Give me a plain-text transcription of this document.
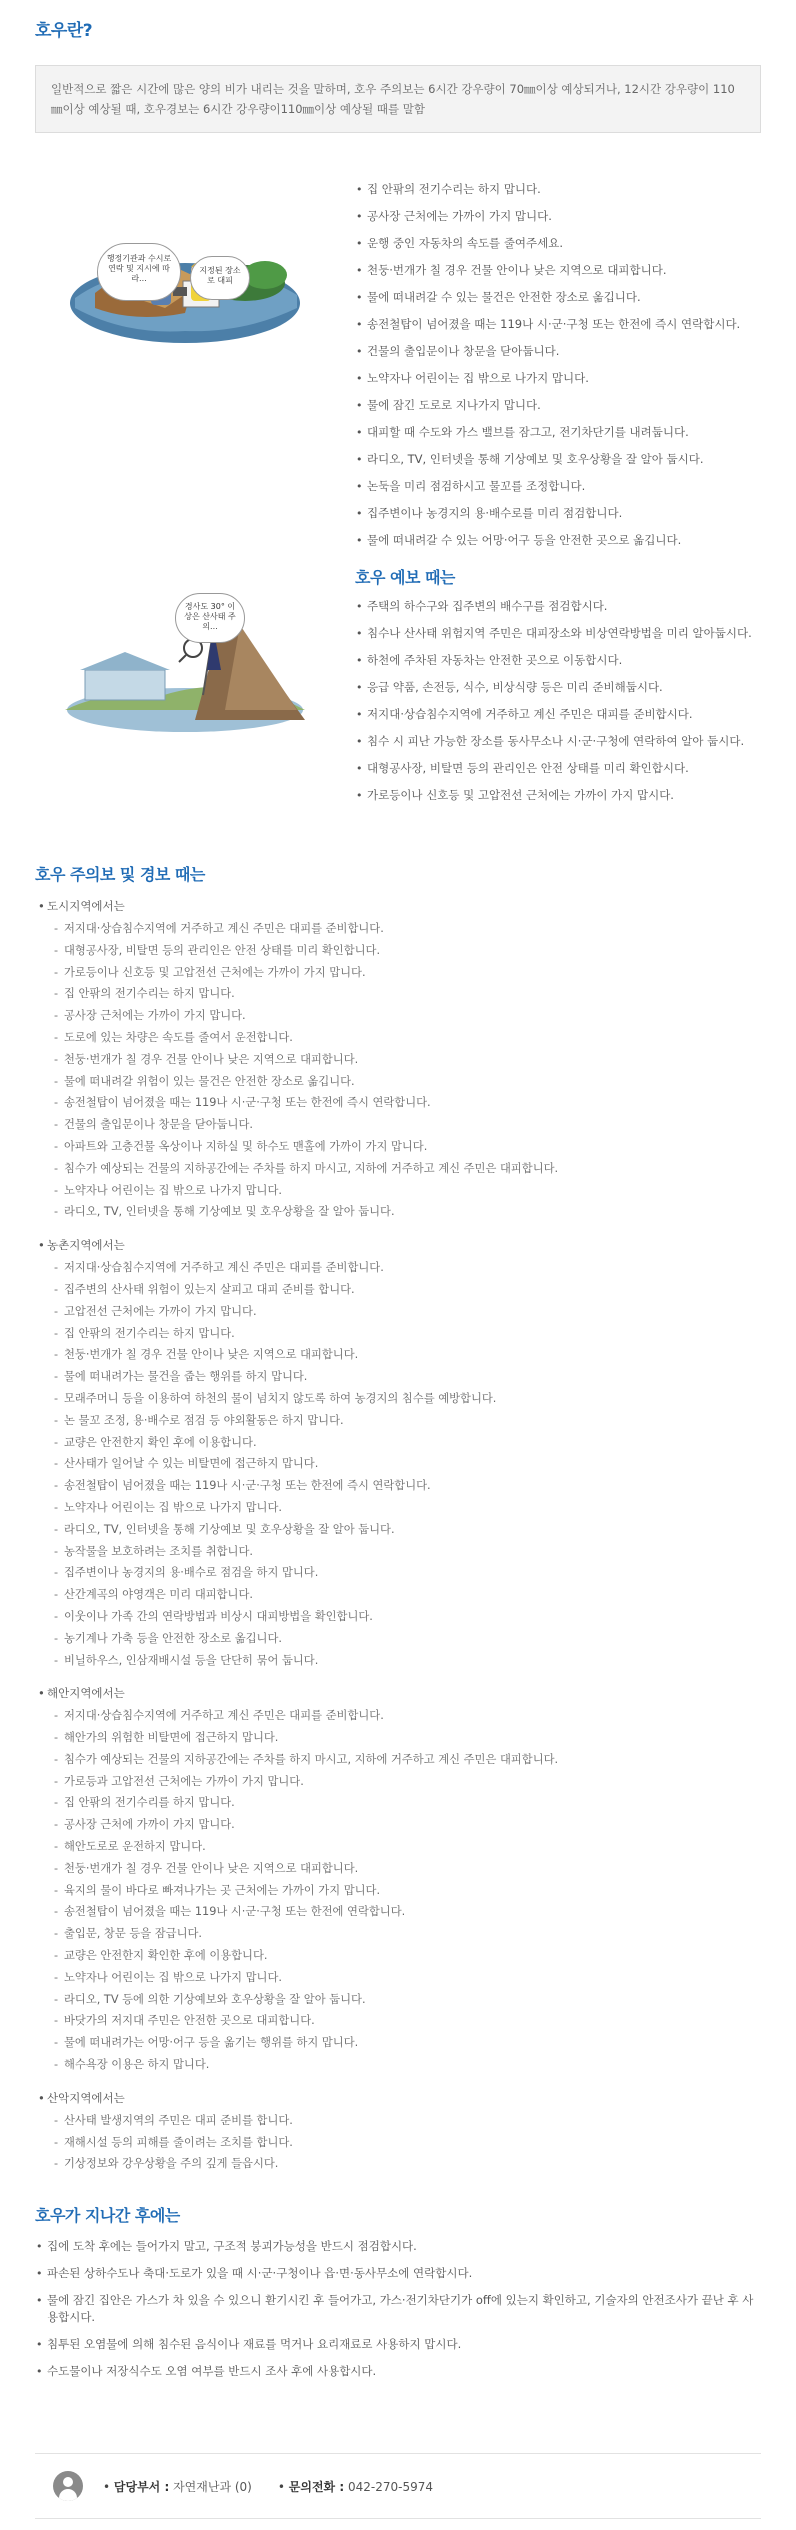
호우란?

일반적으로 짧은 시간에 많은 양의 비가 내리는 것을 말하며, 호우 주의보는 6시간 강우량이 70㎜이상 예상되거나, 12시간 강우량이 110㎜이상 예상될 때, 호우경보는 6시간 강우량이110㎜이상 예상될 때를 말함

행정기관과 수시로 연락 및 지시에 따라...
지정된 장소로 대피
• 집 안팎의 전기수리는 하지 맙니다.
• 공사장 근처에는 가까이 가지 맙니다.
• 운행 중인 자동차의 속도를 줄여주세요.
• 천둥·번개가 칠 경우 건물 안이나 낮은 지역으로 대피합니다.
• 물에 떠내려갈 수 있는 물건은 안전한 장소로 옮깁니다.
• 송전철탑이 넘어졌을 때는 119나 시·군·구청 또는 한전에 즉시 연락합시다.
• 건물의 출입문이나 창문을 닫아둡니다.
• 노약자나 어린이는 집 밖으로 나가지 맙니다.
• 물에 잠긴 도로로 지나가지 맙니다.
• 대피할 때 수도와 가스 밸브를 잠그고, 전기차단기를 내려둡니다.
• 라디오, TV, 인터넷을 통해 기상예보 및 호우상황을 잘 알아 둡시다.
• 논둑을 미리 점검하시고 물꼬를 조정합니다.
• 집주변이나 농경지의 용·배수로를 미리 점검합니다.
• 물에 떠내려갈 수 있는 어망·어구 등을 안전한 곳으로 옮깁니다.
경사도 30° 이상은 산사태 주의...
호우 예보 때는
• 주택의 하수구와 집주변의 배수구를 점검합시다.
• 침수나 산사태 위험지역 주민은 대피장소와 비상연락방법을 미리 알아둡시다.
• 하천에 주차된 자동차는 안전한 곳으로 이동합시다.
• 응급 약품, 손전등, 식수, 비상식량 등은 미리 준비해둡시다.
• 저지대·상습침수지역에 거주하고 계신 주민은 대피를 준비합시다.
• 침수 시 피난 가능한 장소를 동사무소나 시·군·구청에 연락하여 알아 둡시다.
• 대형공사장, 비탈면 등의 관리인은 안전 상태를 미리 확인합시다.
• 가로등이나 신호등 및 고압전선 근처에는 가까이 가지 맙시다.
호우 주의보 및 경보 때는
• 도시지역에서는
- 저지대·상습침수지역에 거주하고 계신 주민은 대피를 준비합니다.
- 대형공사장, 비탈면 등의 관리인은 안전 상태를 미리 확인합니다.
- 가로등이나 신호등 및 고압전선 근처에는 가까이 가지 맙니다.
- 집 안팎의 전기수리는 하지 맙니다.
- 공사장 근처에는 가까이 가지 맙니다.
- 도로에 있는 차량은 속도를 줄여서 운전합니다.
- 천둥·번개가 칠 경우 건물 안이나 낮은 지역으로 대피합니다.
- 물에 떠내려갈 위험이 있는 물건은 안전한 장소로 옮깁니다.
- 송전철탑이 넘어졌을 때는 119나 시·군·구청 또는 한전에 즉시 연락합니다.
- 건물의 출입문이나 창문을 닫아둡니다.
- 아파트와 고층건물 옥상이나 지하실 및 하수도 맨홀에 가까이 가지 맙니다.
- 침수가 예상되는 건물의 지하공간에는 주차를 하지 마시고, 지하에 거주하고 계신 주민은 대피합니다.
- 노약자나 어린이는 집 밖으로 나가지 맙니다.
- 라디오, TV, 인터넷을 통해 기상예보 및 호우상황을 잘 알아 둡니다.
• 농촌지역에서는
- 저지대·상습침수지역에 거주하고 계신 주민은 대피를 준비합니다.
- 집주변의 산사태 위험이 있는지 살피고 대피 준비를 합니다.
- 고압전선 근처에는 가까이 가지 맙니다.
- 집 안팎의 전기수리는 하지 맙니다.
- 천둥·번개가 칠 경우 건물 안이나 낮은 지역으로 대피합니다.
- 물에 떠내려가는 물건을 줍는 행위를 하지 맙니다.
- 모래주머니 등을 이용하여 하천의 물이 넘치지 않도록 하여 농경지의 침수를 예방합니다.
- 논 물꼬 조정, 용·배수로 점검 등 야외활동은 하지 맙니다.
- 교량은 안전한지 확인 후에 이용합니다.
- 산사태가 일어날 수 있는 비탈면에 접근하지 맙니다.
- 송전철탑이 넘어졌을 때는 119나 시·군·구청 또는 한전에 즉시 연락합니다.
- 노약자나 어린이는 집 밖으로 나가지 맙니다.
- 라디오, TV, 인터넷을 통해 기상예보 및 호우상황을 잘 알아 둡니다.
- 농작물을 보호하려는 조치를 취합니다.
- 집주변이나 농경지의 용·배수로 점검을 하지 맙니다.
- 산간계곡의 야영객은 미리 대피합니다.
- 이웃이나 가족 간의 연락방법과 비상시 대피방법을 확인합니다.
- 농기계나 가축 등을 안전한 장소로 옮깁니다.
- 비닐하우스, 인삼재배시설 등을 단단히 묶어 둡니다.
• 해안지역에서는
- 저지대·상습침수지역에 거주하고 계신 주민은 대피를 준비합니다.
- 해안가의 위험한 비탈면에 접근하지 맙니다.
- 침수가 예상되는 건물의 지하공간에는 주차를 하지 마시고, 지하에 거주하고 계신 주민은 대피합니다.
- 가로등과 고압전선 근처에는 가까이 가지 맙니다.
- 집 안팎의 전기수리를 하지 맙니다.
- 공사장 근처에 가까이 가지 맙니다.
- 해안도로로 운전하지 맙니다.
- 천둥·번개가 칠 경우 건물 안이나 낮은 지역으로 대피합니다.
- 육지의 물이 바다로 빠져나가는 곳 근처에는 가까이 가지 맙니다.
- 송전철탑이 넘어졌을 때는 119나 시·군·구청 또는 한전에 연락합니다.
- 출입문, 창문 등을 잠급니다.
- 교량은 안전한지 확인한 후에 이용합니다.
- 노약자나 어린이는 집 밖으로 나가지 맙니다.
- 라디오, TV 등에 의한 기상예보와 호우상황을 잘 알아 둡니다.
- 바닷가의 저지대 주민은 안전한 곳으로 대피합니다.
- 물에 떠내려가는 어망·어구 등을 옮기는 행위를 하지 맙니다.
- 해수욕장 이용은 하지 맙니다.
• 산악지역에서는
- 산사태 발생지역의 주민은 대피 준비를 합니다.
- 재해시설 등의 피해를 줄이려는 조치를 합니다.
- 기상정보와 강우상황을 주의 깊게 들읍시다.
호우가 지나간 후에는
• 집에 도착 후에는 들어가지 말고, 구조적 붕괴가능성을 반드시 점검합시다.
• 파손된 상하수도나 축대·도로가 있을 때 시·군·구청이나 읍·면·동사무소에 연락합시다.
• 물에 잠긴 집안은 가스가 차 있을 수 있으니 환기시킨 후 들어가고, 가스·전기차단기가 off에 있는지 확인하고, 기술자의 안전조사가 끝난 후 사용합시다.
• 침투된 오염물에 의해 침수된 음식이나 재료를 먹거나 요리재료로 사용하지 맙시다.
• 수도물이나 저장식수도 오염 여부를 반드시 조사 후에 사용합시다.
• 담당부서 : 자연재난과 (0) • 문의전화 : 042-270-5974
